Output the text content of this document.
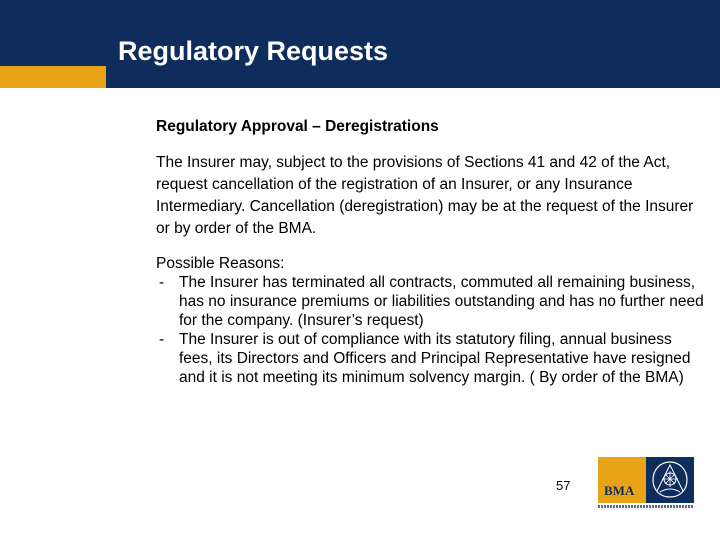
Regulatory Requests
Regulatory Approval – Deregistrations

The Insurer may, subject to the provisions of Sections 41 and 42 of the Act, request cancellation of the registration of an Insurer, or any Insurance Intermediary. Cancellation (deregistration) may be at the request of the Insurer or by order of the BMA.

Possible Reasons:
- The Insurer has terminated all contracts, commuted all remaining business, has no insurance premiums or liabilities outstanding and has no further need for the company. (Insurer’s request)
- The Insurer is out of compliance with its statutory filing, annual business fees, its Directors and Officers and Principal Representative have resigned and it is not meeting its minimum solvency margin. ( By order of the BMA)
57	BMA
